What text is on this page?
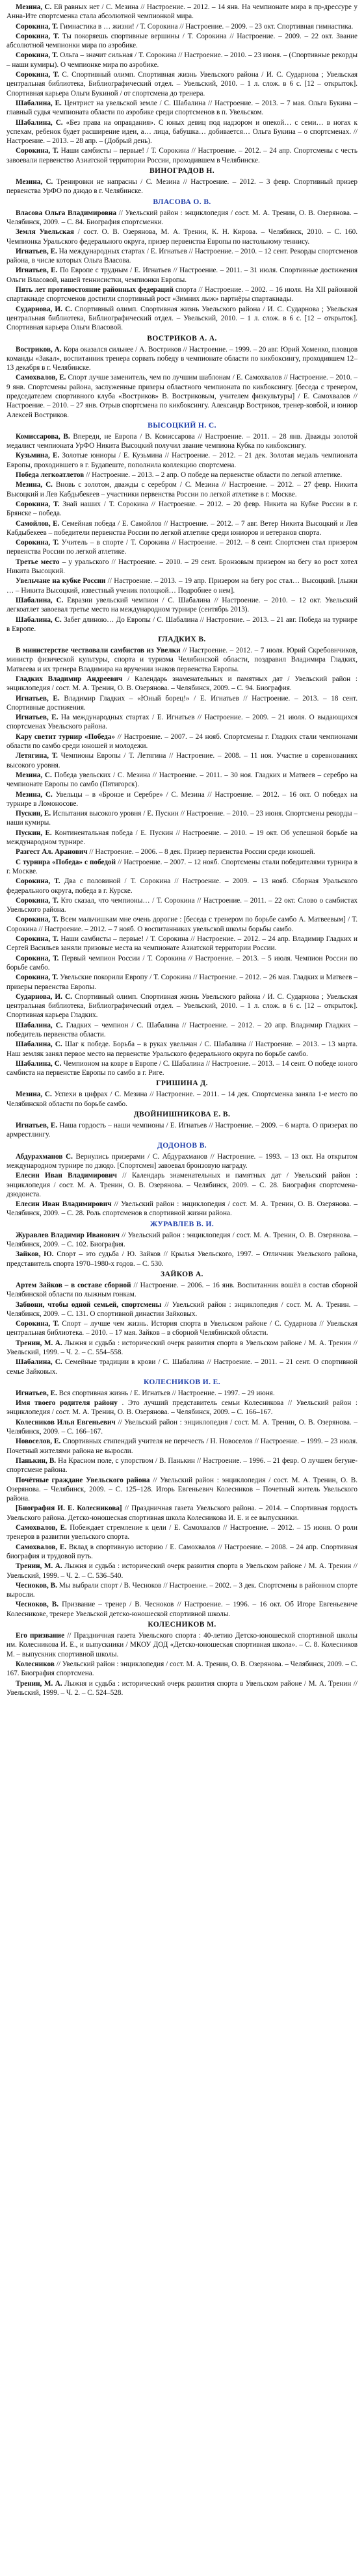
Мезина, С. Ей равных нет / С. Мезина // Настроение. – 2012. – 14 янв. На чемпионате мира в пр-дрессуре у Анна-Ите спортсменка стала абсолютной чемпионкой мира.

Сорокина, Т. Гимнастика в … жизни! / Т. Сорокина // Настроение. – 2009. – 23 окт. Спортивная гимнастика.

Сорокина, Т. Ты покоряешь спортивные вершины / Т. Сорокина // Настроение. – 2009. – 22 окт. Звание абсолютной чемпионки мира по аэробике.

Сорокина, Т. Ольга – значит сильная / Т. Сорокина // Настроение. – 2010. – 23 июня. – (Спортивные рекорды – наши кумиры). О чемпионке мира по аэробике.

Сорокина, Т. С. Спортивный олимп. Спортивная жизнь Увельского района / И. С. Сударнова ; Увельская центральная библиотека, Библиографический отдел. – Увельский, 2010. – 1 л. слож. в 6 с. [12 – открыток]. Спортивная карьера Ольги Букиной / от спортсмена до тренера.

Шабалина, Е. Центрист на увельской земле / С. Шабалина // Настроение. – 2013. – 7 мая. Ольга Букина – главный судья чемпионата области по аэробике среди спортсменов в п. Увельском.

Шабалина, С. «Без права на оправдания». С юных девиц под надзором и опекой… с семи… в ногах к успехам, ребенок будет расширение идеи, а… лица, бабушка… добивается… Ольга Букина – о спортсменах. // Настроение. – 2013. – 28 апр. – (Добрый день).

Сорокина, Т. Наши самбисты – первые! / Т. Сорокина // Настроение. – 2012. – 24 апр. Спортсмены с честь завоевали первенство Азиатской территории России, проходившем в Челябинске.

ВИНОГРАДОВ Н.

Мезина, С. Тренировки не напрасны / С. Мезина // Настроение. – 2012. – 3 февр. Спортивный призер первенства УрФО по дзюдо в г. Челябинске.

ВЛАСОВА О. В.

Власова Ольга Владимировна // Увельский район : энциклопедия / сост. М. А. Тренин, О. В. Озерянова. – Челябинск, 2009. – С. 84. Биография спортсменки.

Земля Увельская / сост. О. В. Озерянова, М. А. Тренин, К. Н. Кирова. – Челябинск, 2010. – С. 160. Чемпионка Уральского федерального округа, призер первенства Европы по настольному теннису.

Игнатьев, Е. На международных стартах / Е. Игнатьев // Настроение. – 2010. – 12 сент. Рекорды спортсменов района, в числе которых Ольга Власова.

Игнатьев, Е. По Европе с трудным / Е. Игнатьев // Настроение. – 2011. – 31 июля. Спортивные достижения Ольги Власовой, нашей теннисистки, чемпионки Европы.

Пять лет противостояние районных федераций спорта // Настроение. – 2002. – 16 июля. На XII районной спартакиаде спортсменов достигли спортивный рост «Зимних лыж» партнёры спартакиады.

Сударнова, И. С. Спортивный олимп. Спортивная жизнь Увельского района / И. С. Сударнова ; Увельская центральная библиотека, Библиографический отдел. – Увельский, 2010. – 1 л. слож. в 6 с. [12 – открыток]. Спортивная карьера Ольги Власовой.

ВОСТРИКОВ А. А.

Востриков, А. Кора оказался сильнее / А. Востриков // Настроение. – 1999. – 20 авг. Юрий Хоменко, пловцов команды «Закал», воспитанник тренера сорвать победу в чемпионате области по кикбоксингу, проходившем 12–13 декабря в г. Челябинске.

Самохвалов, Е. Спорт лучше заменитель, чем по лучшим шаблонам / Е. Самохвалов // Настроение. – 2010. – 9 янв. Спортсмены района, заслуженные призеры областного чемпионата по кикбоксингу. [беседа с тренером, председателем спортивного клуба «Востриков» В. Востриковым, учителем физкультуры] / Е. Самохвалов // Настроение. – 2010. – 27 янв. Отрыв спортсмена по кикбоксингу. Александр Востриков, тренер-ковбой, и юниор Алексей Востриков.

ВЫСОЦКИЙ Н. С.

Комиссарова, В. Впереди, не Европа / В. Комиссарова // Настроение. – 2011. – 28 янв. Дважды золотой медалист чемпионата УрФО Никита Высоцкий получил звание чемпиона Кубка по кикбоксингу.

Кузьмина, Е. Золотые юниоры / Е. Кузьмина // Настроение. – 2012. – 21 дек. Золотая медаль чемпионата Европы, проходившего в г. Будапеште, пополнила коллекцию спортсмена.

Победа легкоатлетов // Настроение. – 2013. – 2 апр. О победе на первенстве области по легкой атлетике.

Мезина, С. Вновь с золотом, дважды с серебром / С. Мезина // Настроение. – 2012. – 27 февр. Никита Высоцкий и Лев Кабдыбекеев – участники первенства России по легкой атлетике в г. Москве.

Сорокина, Т. Знай наших / Т. Сорокина // Настроение. – 2012. – 20 февр. Никита на Кубке России в г. Брянске – победа.

Самойлов, Е. Семейная победа / Е. Самойлов // Настроение. – 2012. – 7 авг. Ветер Никита Высоцкий и Лев Кабдыбекеев – победители первенства России по легкой атлетике среди юниоров и ветеранов спорта.

Сорокина, Т. Учитель – в спорте / Т. Сорокина // Настроение. – 2012. – 8 сент. Спортсмен стал призером первенства России по легкой атлетике.

Третье место – у уральского // Настроение. – 2010. – 29 сент. Бронзовым призером на бегу во рост хотел Никита Высоцкий.

Увельчане на кубке России // Настроение. – 2013. – 19 апр. Призером на бегу рос стал… Высоцкий. [лыжи … – Никита Высоцкий, известный ученик полоцкой… Подробнее о нем].

Шабалина, С. Евразии увельский чемпион / С. Шабалина // Настроение. – 2010. – 12 окт. Увельский легкоатлет завоевал третье место на международном турнире (сентябрь 2013).

Шабалина, С. Забег длиною… До Европы / С. Шабалина // Настроение. – 2013. – 21 авг. Победа на турнире в Европе.

ГЛАДКИХ В.

В министерстве чествовали самбистов из Увелки // Настроение. – 2012. – 7 июля. Юрий Скребовнчиков, министр физической культуры, спорта и туризма Челябинской области, поздравил Владимира Гладких, Матвеева и их тренера Владимира на вручении знаков первенства Европы.

Гладких Владимир Андреевич / Календарь знаменательных и памятных дат / Увельский район : энциклопедия / сост. М. А. Тренин, О. В. Озерянова. – Челябинск, 2009. – С. 94. Биография.

Игнатьев, Е. Владимир Гладких – «Юный борец!» / Е. Игнатьев // Настроение. – 2013. – 18 сент. Спортивные достижения.

Игнатьев, Е. На международных стартах / Е. Игнатьев // Настроение. – 2009. – 21 июля. О выдающихся спортсменах Увельского района.

Кару светит турнир «Победа» // Настроение. – 2007. – 24 нояб. Спортсмены г. Гладких стали чемпионами области по самбо среди юношей и молодежи.

Летягина, Т. Чемпионы Европы / Т. Летягина // Настроение. – 2008. – 11 ноя. Участие в соревнованиях высокого уровня.

Мезина, С. Победа увельских / С. Мезина // Настроение. – 2011. – 30 ноя. Гладких и Матвеев – серебро на чемпионате Европы по самбо (Пятигорск).

Мезина, С. Увельцы – в «Бронзе и Серебре» / С. Мезина // Настроение. – 2012. – 16 окт. О победах на турнире в Ломоносове.

Пускин, Е. Испытания высокого уровня / Е. Пускин // Настроение. – 2010. – 23 июня. Спортсмены рекорды – наши кумиры.

Пускин, Е. Континентальная победа / Е. Пускин // Настроение. – 2010. – 19 окт. Об успешной борьбе на международном турнире.

Разгест Ал. Аранович // Настроение. – 2006. – 8 дек. Призер первенства России среди юношей.

С турнира «Победа» с победой // Настроение. – 2007. – 12 нояб. Спортсмены стали победителями турнира в г. Москве.

Сорокина, Т. Два с половиной / Т. Сорокина // Настроение. – 2009. – 13 нояб. Сборная Уральского федерального округа, победа в г. Курске.

Сорокина, Т. Кто сказал, что чемпионы… / Т. Сорокина // Настроение. – 2011. – 22 окт. Слово о самбистах Увельского района.

Сорокина, Т. Всем мальчишкам мне очень дорогие : [беседа с тренером по борьбе самбо А. Матвеевым] / Т. Сорокина // Настроение. – 2012. – 7 нояб. О воспитанниках увельской школы борьбы самбо.

Сорокина, Т. Наши самбисты – первые! / Т. Сорокина // Настроение. – 2012. – 24 апр. Владимир Гладких и Сергей Васильев заняли призовые места на чемпионате Азиатской территории России.

Сорокина, Т. Первый чемпион России / Т. Сорокина // Настроение. – 2013. – 5 июля. Чемпион России по борьбе самбо.

Сорокина, Т. Увельские покорили Европу / Т. Сорокина // Настроение. – 2012. – 26 мая. Гладких и Матвеев – призеры первенства Европы.

Сударнова, И. С. Спортивный олимп. Спортивная жизнь Увельского района / И. С. Сударнова ; Увельская центральная библиотека, Библиографический отдел. – Увельский, 2010. – 1 л. слож. в 6 с. [12 – открыток]. Спортивная карьера Гладких.

Шабалина, С. Гладких – чемпион / С. Шабалина // Настроение. – 2012. – 20 апр. Владимир Гладких – победитель первенства области.

Шабалина, С. Шаг к победе. Борьба – в руках увельчан / С. Шабалина // Настроение. – 2013. – 13 марта. Наш земляк занял первое место на первенстве Уральского федерального округа по борьбе самбо.

Шабалина, С. Чемпионом на ковре в Европе / С. Шабалина // Настроение. – 2013. – 14 сент. О победе юного самбиста на первенстве Европы по самбо в г. Риге.

ГРИШИНА Д.

Мезина, С. Успехи в цифрах / С. Мезина // Настроение. – 2011. – 14 дек. Спортсменка заняла 1-е место по Челябинской области по борьбе самбо.

ДВОЙНИШНИКОВА Е. В.

Игнатьев, Е. Наша гордость – наши чемпионы / Е. Игнатьев // Настроение. – 2009. – 6 марта. О призерах по армрестлингу.

ДОДОНОВ В.

Абдурахманов С. Вернулись призерами / С. Абдурахманов // Настроение. – 1993. – 13 окт. На открытом международном турнире по дзюдо. [Спортсмен] завоевал бронзовую награду.

Елесин Иван Владимирович // Календарь знаменательных и памятных дат / Увельский район : энциклопедия / сост. М. А. Тренин, О. В. Озерянова. – Челябинск, 2009. – С. 28. Биография спортсмена-дзюдоиста.

Елесин Иван Владимирович // Увельский район : энциклопедия / сост. М. А. Тренин, О. В. Озерянова. – Челябинск, 2009. – С. 28. Роль спортсменов в спортивной жизни района.

ЖУРАВЛЕВ В. И.

Журавлев Владимир Иванович // Увельский район : энциклопедия / сост. М. А. Тренин, О. В. Озерянова. – Челябинск, 2009. – С. 102. Биография.

Зайков, Ю. Спорт – это судьба / Ю. Зайков // Крылья Увельского, 1997. – Отличник Увельского района, представитель спорта 1970–1980-х годов. – С. 530.

ЗАЙКОВ А.

Артем Зайков – в составе сборной // Настроение. – 2006. – 16 янв. Воспитанник вошёл в состав сборной Челябинской области по лыжным гонкам.

Забвони, чтобы одной семьей, спортсмены // Увельский район : энциклопедия / сост. М. А. Тренин. – Челябинск, 2009. – С. 131. О спортивной династии Зайковых.

Сорокина, Т. Спорт – лучше чем жизнь. История спорта в Увельском районе / С. Сударнова // Увельская центральная библиотека. – 2010. – 17 мая. Зайков – в сборной Челябинской области.

Тренин, М. А. Лыжня и судьба : исторический очерк развития спорта в Увельском районе / М. А. Тренин // Увельский, 1999. – Ч. 2. – С. 554–558.

Шабалина, С. Семейные традиции в крови / С. Шабалина // Настроение. – 2011. – 21 сент. О спортивной семье Зайковых.

КОЛЕСНИКОВ И. Е.

Игнатьев, Е. Вся спортивная жизнь / Е. Игнатьев // Настроение. – 1997. – 29 июня.

Имя твоего родителя району . Это лучший представитель семьи Колесникова // Увельский район : энциклопедия / сост. М. А. Тренин, О. В. Озерянова. – Челябинск, 2009. – С. 166–167.

Колесников Илья Евгеньевич // Увельский район : энциклопедия / сост. М. А. Тренин, О. В. Озерянова. – Челябинск, 2009. – С. 166–167.

Новоселов, Е. Спортивных стипендий учителя не перечесть / Н. Новоселов // Настроение. – 1999. – 23 июля. Почетный жителями района не выросли.

Панькин, В. На Красном поле, с упорством / В. Панькин // Настроение. – 1996. – 21 февр. О лучшем бегуне-спортсмене района.

Почётные граждане Увельского района // Увельский район : энциклопедия / сост. М. А. Тренин, О. В. Озерянова. – Челябинск, 2009. – С. 125–128. Игорь Евгеньевич Колесников – Почетный житель Увельского района.

[Биография И. Е. Колесникова] // Праздничная газета Увельского района. – 2014. – Спортивная гордость Увельского района. Детско-юношеская спортивная школа Колесникова И. Е. и ее выпускники.

Самохвалов, Е. Побеждает стремление к цели / Е. Самохвалов // Настроение. – 2012. – 15 июня. О роли тренеров в развитии увельского спорта.

Самохвалов, Е. Вклад в спортивную историю / Е. Самохвалов // Настроение. – 2008. – 24 апр. Спортивная биография и трудовой путь.

Тренин, М. А. Лыжня и судьба : исторический очерк развития спорта в Увельском районе / М. А. Тренин // Увельский, 1999. – Ч. 2. – С. 536–540.

Чесноков, В. Мы выбрали спорт / В. Чесноков // Настроение. – 2002. – 3 дек. Спортсмены в районном спорте выросли.

Чесноков, В. Призвание – тренер / В. Чесноков // Настроение. – 1996. – 16 окт. Об Игоре Евгеньевиче Колесникове, тренере Увельской детско-юношеской спортивной школы.

КОЛЕСНИКОВ М.

Его призвание // Праздничная газета Увельского спорта : 40-летию Детско-юношеской спортивной школы им. Колесникова И. Е., и выпускники / МКОУ ДОД «Детско-юношеская спортивная школа». – С. 8. Колесников М. – выпускник спортивной школы.

Колесников // Увельский район : энциклопедия / сост. М. А. Тренин, О. В. Озерянова. – Челябинск, 2009. – С. 167. Биография спортсмена.

Тренин, М. А. Лыжня и судьба : исторический очерк развития спорта в Увельском районе / М. А. Тренин // Увельский, 1999. – Ч. 2. – С. 524–528.
